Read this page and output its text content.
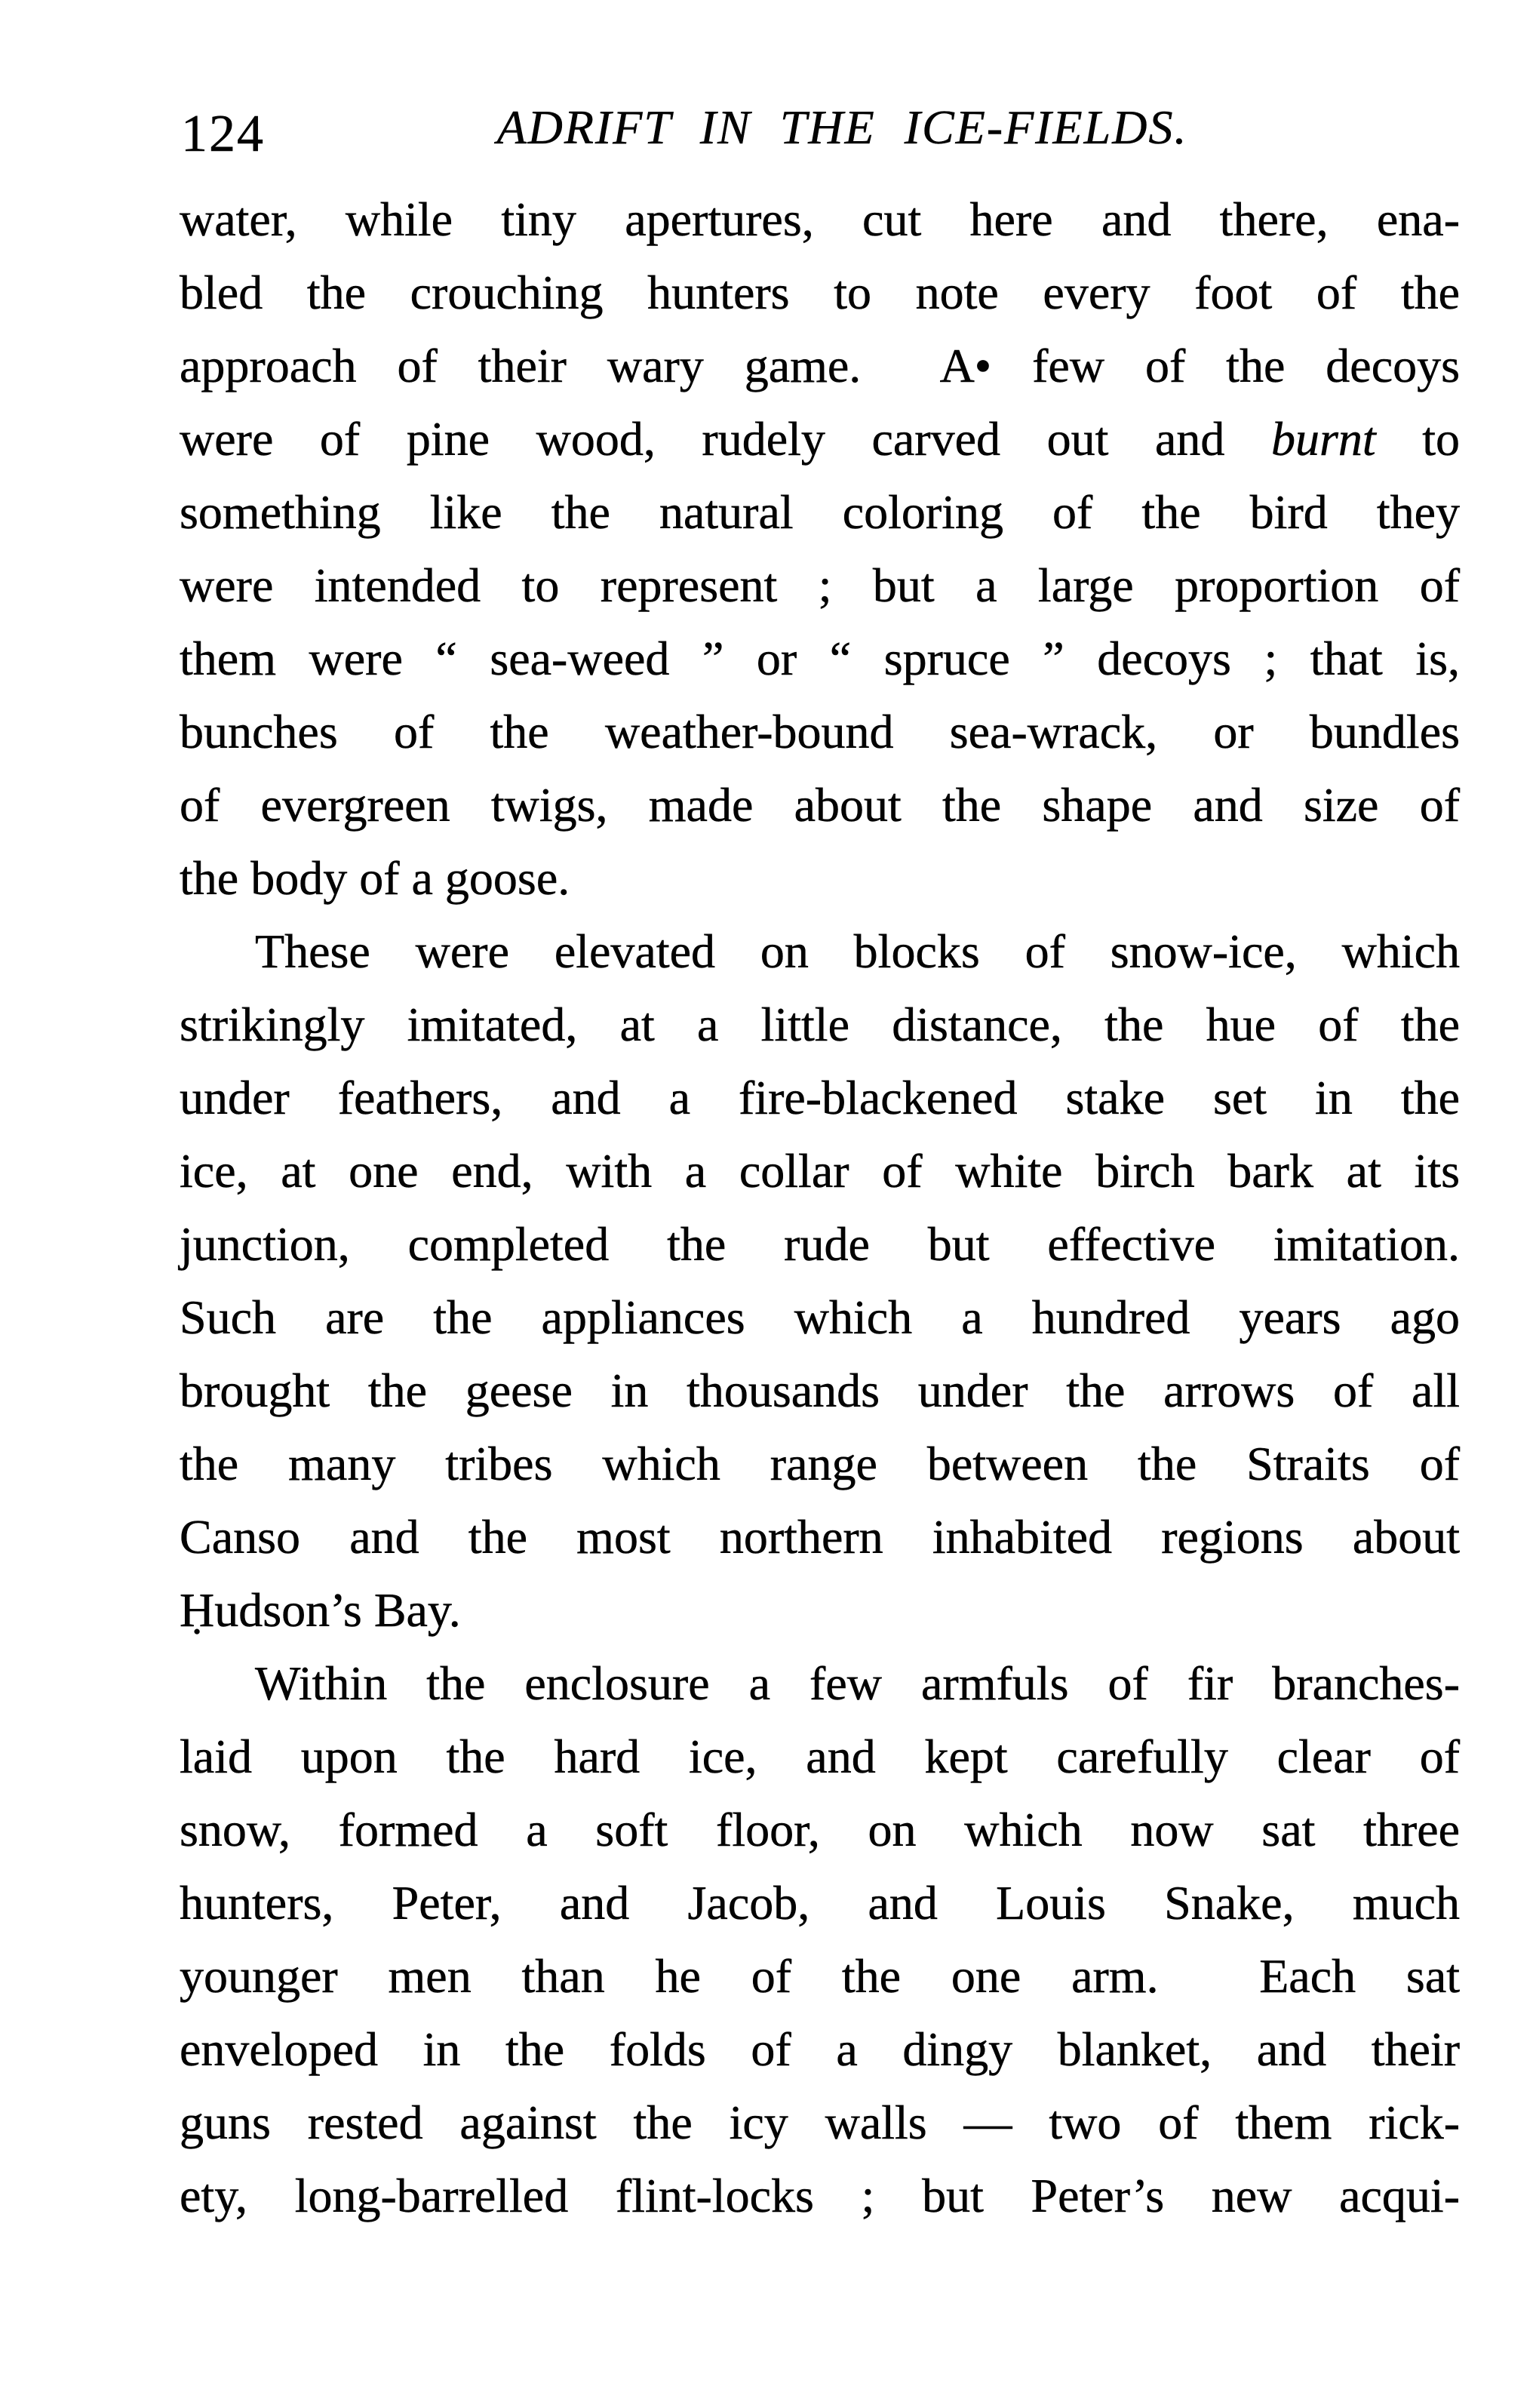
124	ADRIFT IN THE ICE-FIELDS.
water, while tiny apertures, cut here and there, ena-
bled the crouching hunters to note every foot of the
approach of their wary game.  A• few of the decoys
were of pine wood, rudely carved out and burnt to
something like the natural coloring of the bird they
were intended to represent ; but a large proportion of
them were “ sea-weed ” or “ spruce ” decoys ; that is,
bunches of the weather-bound sea-wrack, or bundles
of evergreen twigs, made about the shape and size of
the body of a goose.
These were elevated on blocks of snow-ice, which
strikingly imitated, at a little distance, the hue of the
under feathers, and a fire-blackened stake set in the
ice, at one end, with a collar of white birch bark at its
junction, completed the rude but effective imitation.
Such are the appliances which a hundred years ago
brought the geese in thousands under the arrows of all
the many tribes which range between the Straits of
Canso and the most northern inhabited regions about
Ḥudson’s Bay.
Within the enclosure a few armfuls of fir branches-
laid upon the hard ice, and kept carefully clear of
snow, formed a soft floor, on which now sat three
hunters, Peter, and Jacob, and Louis Snake, much
younger men than he of the one arm.  Each sat
enveloped in the folds of a dingy blanket, and their
guns rested against the icy walls — two of them rick-
ety, long-barrelled flint-locks ; but Peter’s new acqui-
